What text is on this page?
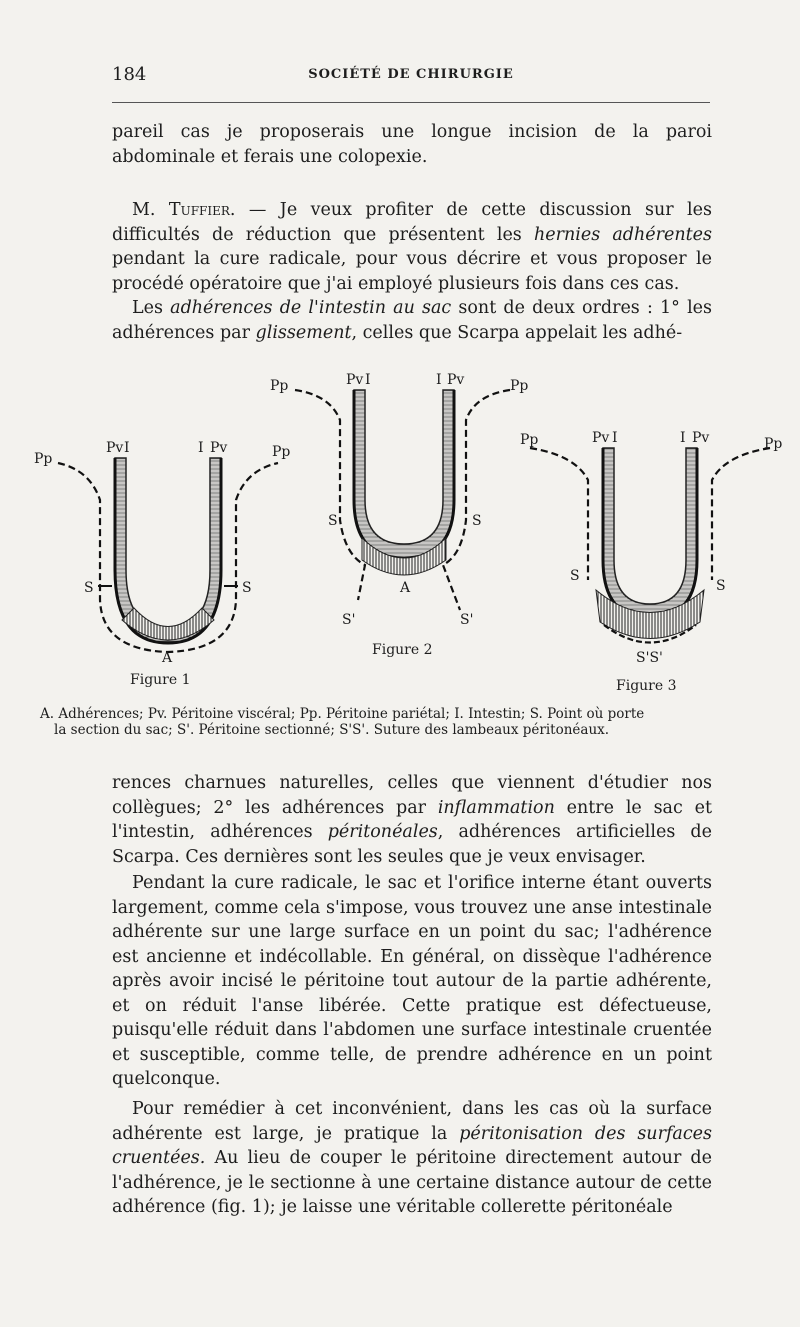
184	SOCIÉTÉ DE CHIRURGIE

pareil cas je proposerais une longue incision de la paroi abdominale et ferais une colopexie.

M. Tuffier. — Je veux profiter de cette discussion sur les difficultés de réduction que présentent les hernies adhérentes pendant la cure radicale, pour vous décrire et vous proposer le procédé opératoire que j'ai employé plusieurs fois dans ces cas.

Les adhérences de l'intestin au sac sont de deux ordres : 1° les adhérences par glissement, celles que Scarpa appelait les adhé-

Pp
Pv I	I Pv	Pp
S	S
A
Figure 1
Pp	Pv I	I Pv	Pp
S	S
A
S'	S'
Figure 2
Pp	Pv I	I Pv	Pp
S
S
S'S'
Figure 3
A. Adhérences; Pv. Péritoine viscéral; Pp. Péritoine pariétal; I. Intestin; S. Point où porte
la section du sac; S'. Péritoine sectionné; S'S'. Suture des lambeaux péritonéaux.

rences charnues naturelles, celles que viennent d'étudier nos collègues; 2° les adhérences par inflammation entre le sac et l'intestin, adhérences péritonéales, adhérences artificielles de Scarpa. Ces dernières sont les seules que je veux envisager.

Pendant la cure radicale, le sac et l'orifice interne étant ouverts largement, comme cela s'impose, vous trouvez une anse intestinale adhérente sur une large surface en un point du sac; l'adhérence est ancienne et indécollable. En général, on dissèque l'adhérence après avoir incisé le péritoine tout autour de la partie adhérente, et on réduit l'anse libérée. Cette pratique est défectueuse, puisqu'elle réduit dans l'abdomen une surface intestinale cruentée et susceptible, comme telle, de prendre adhérence en un point quelconque.

Pour remédier à cet inconvénient, dans les cas où la surface adhérente est large, je pratique la péritonisation des surfaces cruentées. Au lieu de couper le péritoine directement autour de l'adhérence, je le sectionne à une certaine distance autour de cette adhérence (fig. 1); je laisse une véritable collerette péritonéale
